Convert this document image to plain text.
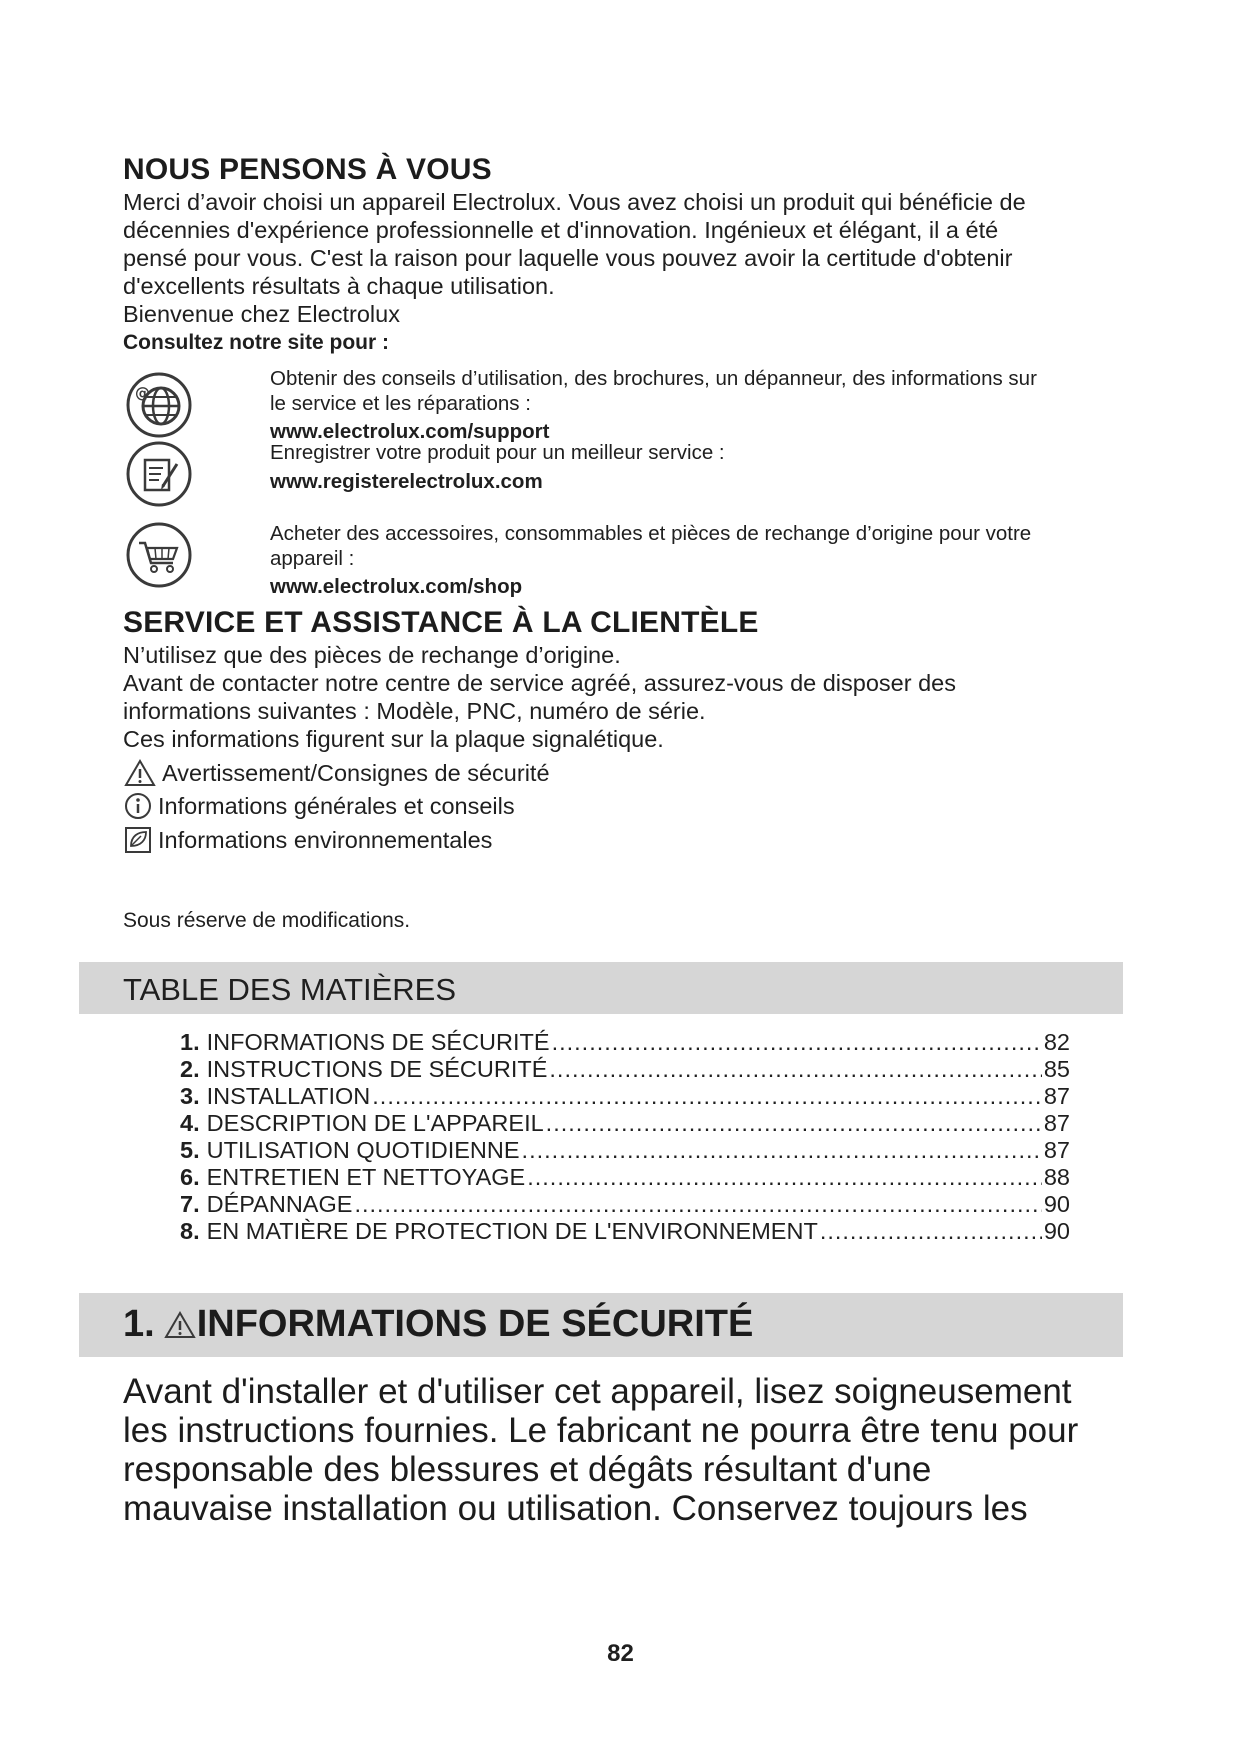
NOUS PENSONS À VOUS

Merci d’avoir choisi un appareil Electrolux. Vous avez choisi un produit qui bénéficie de

décennies d'expérience professionnelle et d'innovation. Ingénieux et élégant, il a été

pensé pour vous. C'est la raison pour laquelle vous pouvez avoir la certitude d'obtenir

d'excellents résultats à chaque utilisation.

Bienvenue chez Electrolux

Consultez notre site pour :

@
Obtenir des conseils d’utilisation, des brochures, un dépanneur, des informations sur
le service et les réparations :
www.electrolux.com/support
Enregistrer votre produit pour un meilleur service :
www.registerelectrolux.com
Acheter des accessoires, consommables et pièces de rechange d’origine pour votre
appareil :
www.electrolux.com/shop
SERVICE ET ASSISTANCE À LA CLIENTÈLE

N’utilisez que des pièces de rechange d’origine.

Avant de contacter notre centre de service agréé, assurez-vous de disposer des

informations suivantes : Modèle, PNC, numéro de série.

Ces informations figurent sur la plaque signalétique.

Avertissement/Consignes de sécurité
Informations générales et conseils
Informations environnementales
Sous réserve de modifications.
TABLE DES MATIÈRES
1. INFORMATIONS DE SÉCURITÉ .....	82
2. INSTRUCTIONS DE SÉCURITÉ .....	85
3. INSTALLATION .....	87
4. DESCRIPTION DE L'APPAREIL .....	87
5. UTILISATION QUOTIDIENNE .....	87
6. ENTRETIEN ET NETTOYAGE .....	88
7. DÉPANNAGE .....	90
8. EN MATIÈRE DE PROTECTION DE L'ENVIRONNEMENT .....	90
1. INFORMATIONS DE SÉCURITÉ

Avant d'installer et d'utiliser cet appareil, lisez soigneusement

les instructions fournies. Le fabricant ne pourra être tenu pour

responsable des blessures et dégâts résultant d'une

mauvaise installation ou utilisation. Conservez toujours les

82
